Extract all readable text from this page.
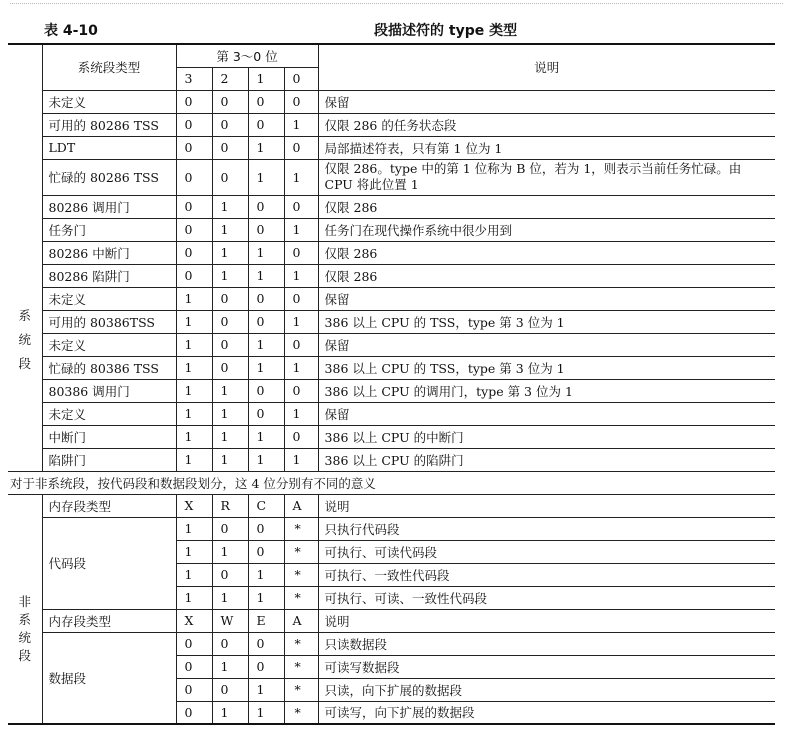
表 4-10	段描述符的 type 类型
系
统
段	系统段类型	第 3～0 位				说明
		3	2	1	0	
	未定义	0	0	0	0	保留
	可用的 80286 TSS	0	0	0	1	仅限 286 的任务状态段
	LDT	0	0	1	0	局部描述符表，只有第 1 位为 1
	忙碌的 80286 TSS	0	0	1	1	仅限 286。type 中的第 1 位称为 B 位，若为 1，则表示当前任务忙碌。由 CPU 将此位置 1
	80286 调用门	0	1	0	0	仅限 286
	任务门	0	1	0	1	任务门在现代操作系统中很少用到
	80286 中断门	0	1	1	0	仅限 286
	80286 陷阱门	0	1	1	1	仅限 286
	未定义	1	0	0	0	保留
	可用的 80386TSS	1	0	0	1	386 以上 CPU 的 TSS，type 第 3 位为 1
	未定义	1	0	1	0	保留
	忙碌的 80386 TSS	1	0	1	1	386 以上 CPU 的 TSS，type 第 3 位为 1
	80386 调用门	1	1	0	0	386 以上 CPU 的调用门，type 第 3 位为 1
	未定义	1	1	0	1	保留
	中断门	1	1	1	0	386 以上 CPU 的中断门
	陷阱门	1	1	1	1	386 以上 CPU 的陷阱门
对于非系统段，按代码段和数据段划分，这 4 位分别有不同的意义						

非
系
统
段	内存段类型	X	R	C	A	说明
	代码段	1	0	0	*	只执行代码段
		1	1	0	*	可执行、可读代码段
		1	0	1	*	可执行、一致性代码段
		1	1	1	*	可执行、可读、一致性代码段
	内存段类型	X	W	E	A	说明
	数据段	0	0	0	*	只读数据段
		0	1	0	*	可读写数据段
		0	0	1	*	只读，向下扩展的数据段
		0	1	1	*	可读写，向下扩展的数据段
